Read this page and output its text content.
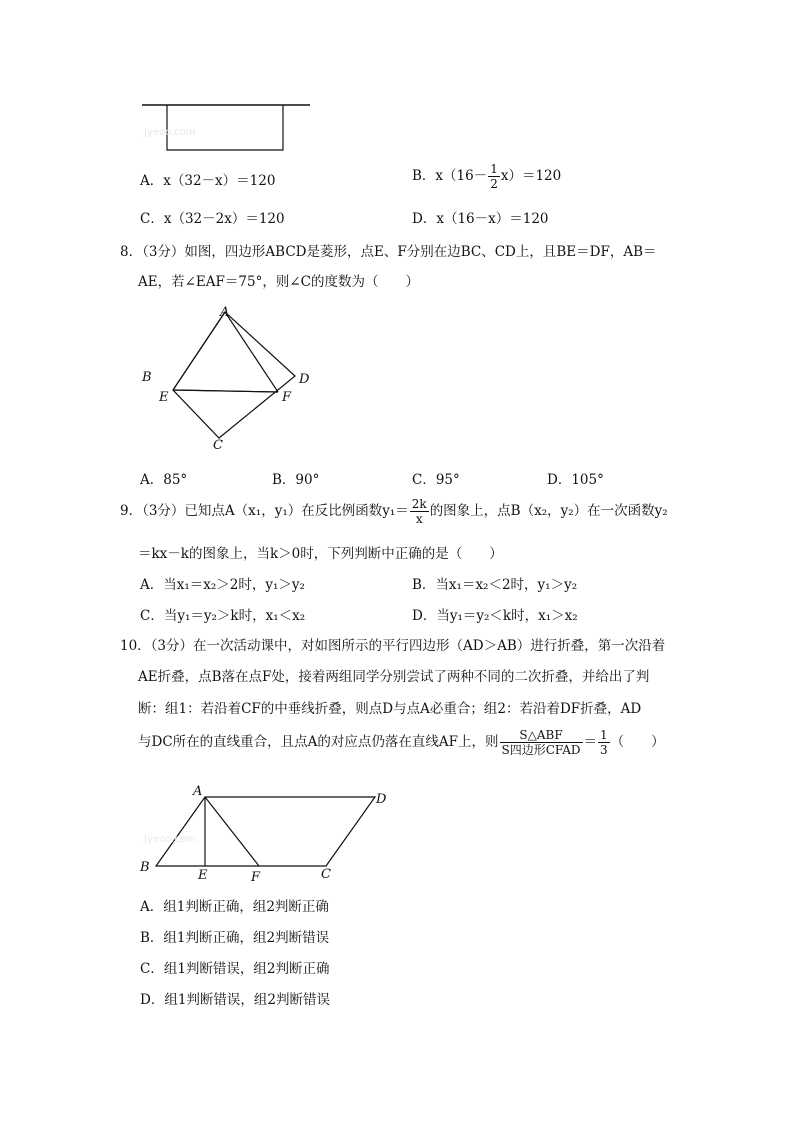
Jyeoo.com
A．x（32－x）＝120	B．$x(16- \frac{1}{2} x)=120$
C．x（32－2x）＝120	D．x（16－x）＝120
8．（3分）如图，四边形ABCD是菱形，点E、F分别在边BC、CD上，且BE＝DF，AB＝
AE，若∠EAF＝75°，则∠C的度数为（　　）
A
B	D
E	F
C
A．85°	B．90°	C．95°	D．105°
9．（3分）已知点A（x₁，y₁）在反比例函数$y_1= \frac{2k}{x}$ 的图象上，点B（x₂，y₂）在一次函数y₂
＝kx－k的图象上，当k＞0时，下列判断中正确的是（　　）
A．当x₁＝x₂＞2时，y₁＞y₂	B．当x₁＝x₂＜2时，y₁＞y₂
C．当y₁＝y₂＞k时，x₁＜x₂	D．当y₁＝y₂＜k时，x₁＞x₂
10．（3分）在一次活动课中，对如图所示的平行四边形（AD＞AB）进行折叠，第一次沿着
AE折叠，点B落在点F处，接着两组同学分别尝试了两种不同的二次折叠，并给出了判
断：组1：若沿着CF的中垂线折叠，则点D与点A必重合；组2：若沿着DF折叠，AD
与DC所在的直线重合，且点A的对应点仍落在直线AF上，则 $\frac{\text{S△ABF}}{\text{S四边形CFAD}} = \frac{1}{3}$ （　　）
Jyeoo.com
A
D
B
E	F	C
A．组1判断正确，组2判断正确
B．组1判断正确，组2判断错误
C．组1判断错误，组2判断正确
D．组1判断错误，组2判断错误
